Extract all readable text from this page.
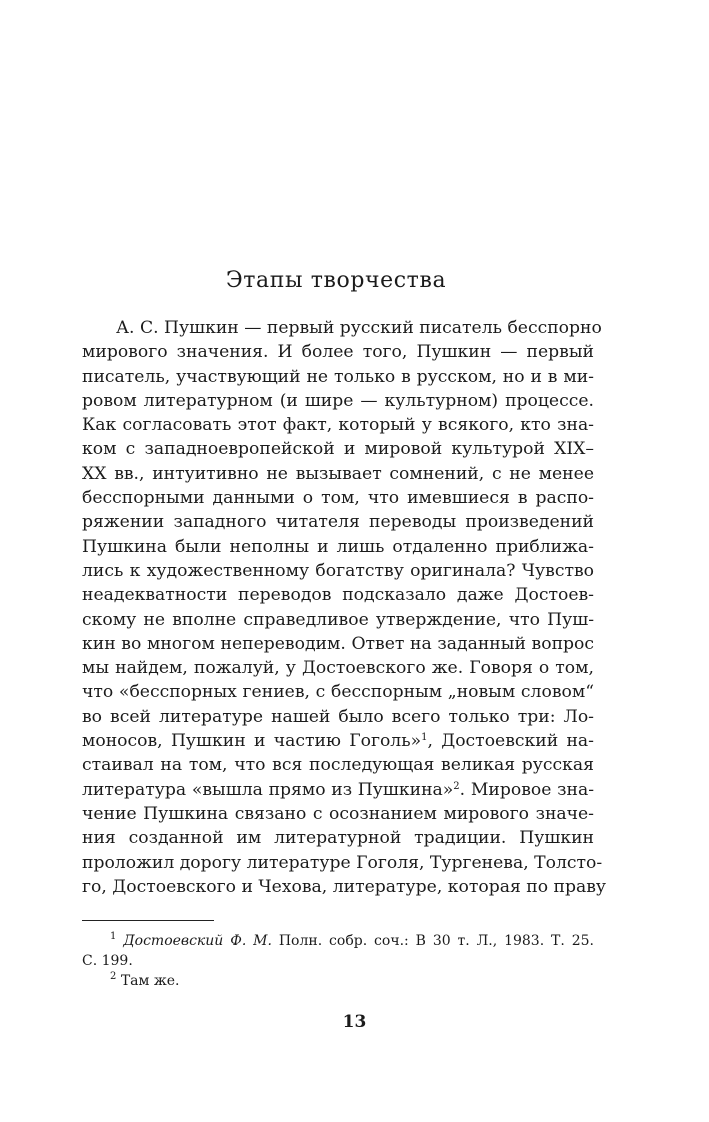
Этапы творчества
А. С. Пушкин — первый русский писатель бесспорно
мирового значения. И более того, Пушкин — первый
писатель, участвующий не только в русском, но и в ми-
ровом литературном (и шире — культурном) процессе.
Как согласовать этот факт, который у всякого, кто зна-
ком с западноевропейской и мировой культурой XIX–
XX вв., интуитивно не вызывает сомнений, с не менее
бесспорными данными о том, что имевшиеся в распо-
ряжении западного читателя переводы произведений
Пушкина были неполны и лишь отдаленно приближа-
лись к художественному богатству оригинала? Чувство
неадекватности переводов подсказало даже Достоев-
скому не вполне справедливое утверждение, что Пуш-
кин во многом непереводим. Ответ на заданный вопрос
мы найдем, пожалуй, у Достоевского же. Говоря о том,
что «бесспорных гениев, с бесспорным „новым словом“
во всей литературе нашей было всего только три: Ло-
моносов, Пушкин и частию Гоголь»$^1$, Достоевский на-
стаивал на том, что вся последующая великая русская
литература «вышла прямо из Пушкина»$^2$. Мировое зна-
чение Пушкина связано с осознанием мирового значе-
ния созданной им литературной традиции. Пушкин
проложил дорогу литературе Гоголя, Тургенева, Толсто-
го, Достоевского и Чехова, литературе, которая по праву
$^1$ Достоевский Ф. М. Полн. собр. соч.: В 30 т. Л., 1983. Т. 25.
С. 199.
$^2$ Там же.
13
